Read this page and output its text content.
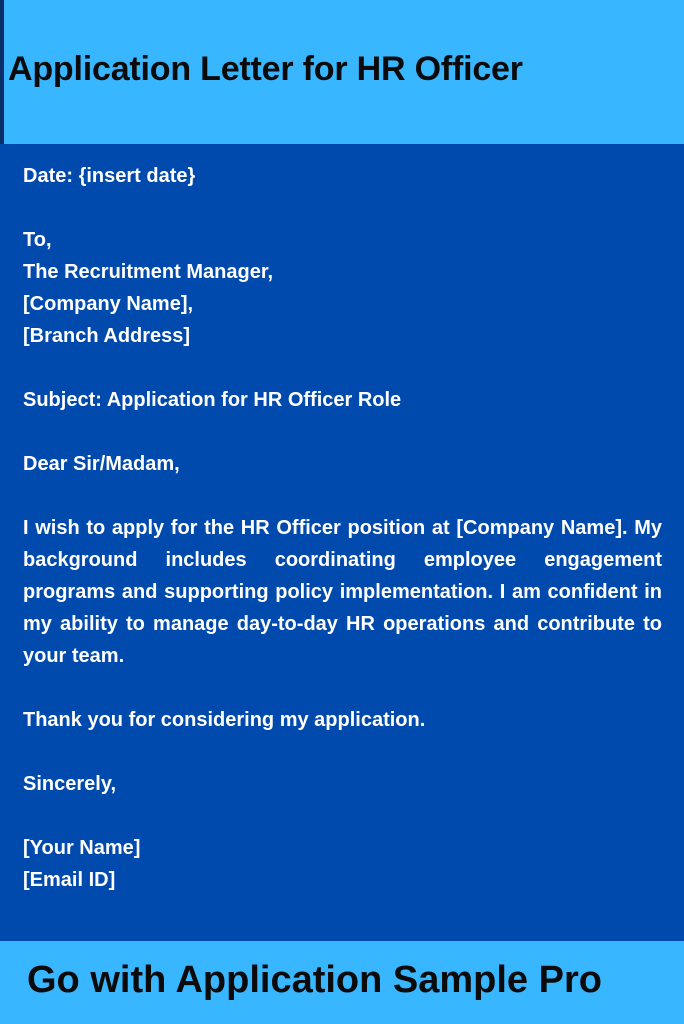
Application Letter for HR Officer

Date: {insert date}

To,

The Recruitment Manager,

[Company Name],

[Branch Address]

Subject: Application for HR Officer Role

Dear Sir/Madam,

I wish to apply for the HR Officer position at [Company Name]. My background includes coordinating employee engagement programs and supporting policy implementation. I am confident in my ability to manage day-to-day HR operations and contribute to your team.

Thank you for considering my application.

Sincerely,

[Your Name]

[Email ID]

Go with Application Sample Pro
